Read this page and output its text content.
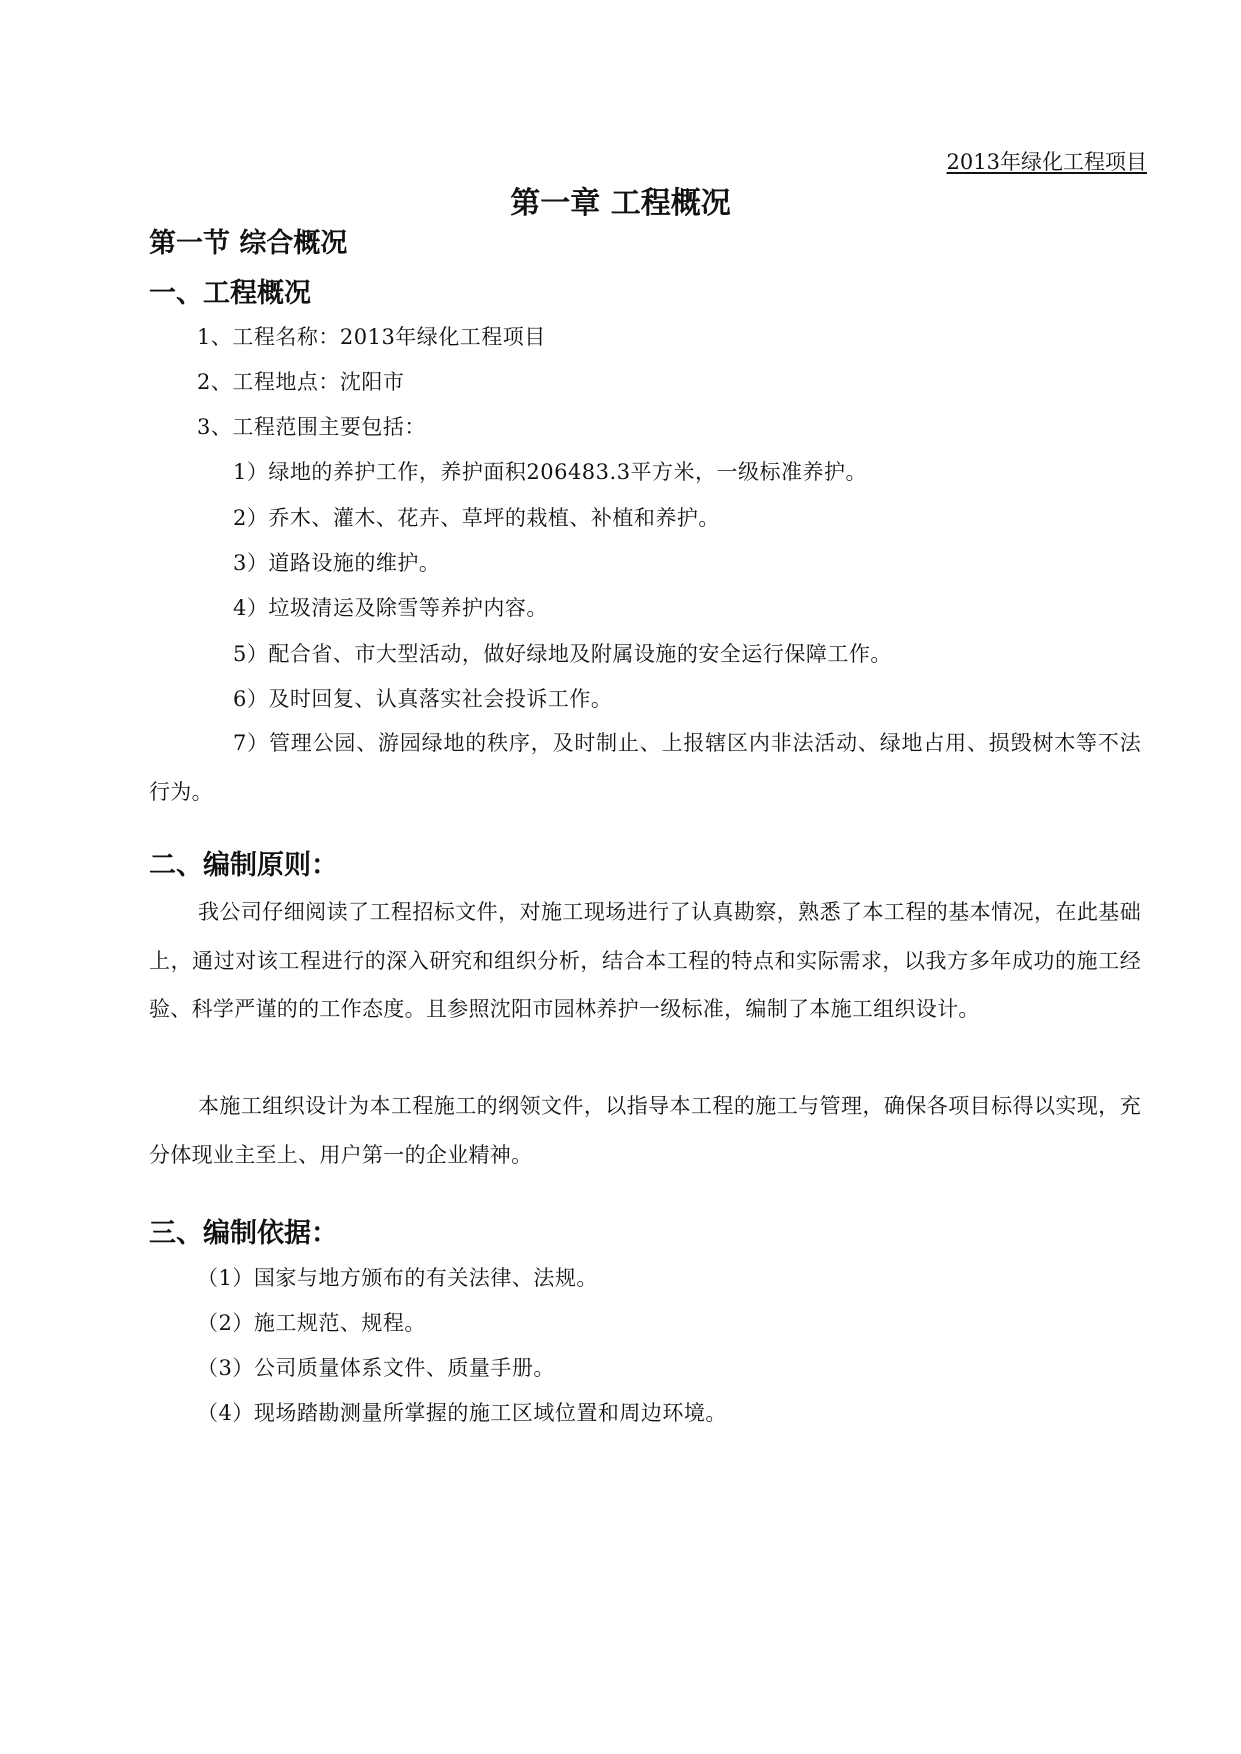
2013年绿化工程项目
第一章 工程概况
第一节 综合概况
一、工程概况
1、工程名称：2013年绿化工程项目
2、工程地点：沈阳市
3、工程范围主要包括：
1）绿地的养护工作，养护面积206483.3平方米，一级标准养护。
2）乔木、灌木、花卉、草坪的栽植、补植和养护。
3）道路设施的维护。
4）垃圾清运及除雪等养护内容。
5）配合省、市大型活动，做好绿地及附属设施的安全运行保障工作。
6）及时回复、认真落实社会投诉工作。
7）管理公园、游园绿地的秩序，及时制止、上报辖区内非法活动、绿地占用、损毁树木等不法行为。
二、编制原则：
我公司仔细阅读了工程招标文件，对施工现场进行了认真勘察，熟悉了本工程的基本情况，在此基础上，通过对该工程进行的深入研究和组织分析，结合本工程的特点和实际需求，以我方多年成功的施工经验、科学严谨的的工作态度。且参照沈阳市园林养护一级标准，编制了本施工组织设计。
本施工组织设计为本工程施工的纲领文件，以指导本工程的施工与管理，确保各项目标得以实现，充分体现业主至上、用户第一的企业精神。
三、编制依据：
（1）国家与地方颁布的有关法律、法规。
（2）施工规范、规程。
（3）公司质量体系文件、质量手册。
（4）现场踏勘测量所掌握的施工区域位置和周边环境。
